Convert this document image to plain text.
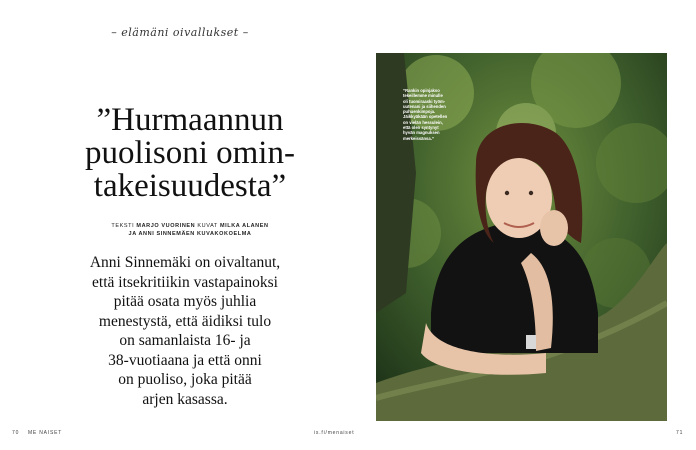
– elämäni oivallukset –
”Hurmaannun
puolisoni omin-
takeisuudesta”
TEKSTI MARJO VUORINEN KUVAT MILKA ALANEN
JA ANNI SINNEMÄEN KUVAKOKOELMA
Anni Sinnemäki on oivaltanut,
että itsekritiikin vastapainoksi
pitää osata myös juhlia
menestystä, että äidiksi tulo
on samanlaista 16- ja
38-vuotiaana ja että onni
on puoliso, joka pitää
arjen kasassa.
”Rankin opinjakso
tekeillemme minulle
oli tuomiraaski työm-
uutenani ja siihenden
puhuenkimpoja.
Jäikkyäkään opetellen
on vielän hessulein,
että olen syntynyt
hyvän magnuksen
merkeissänsa.”
70 ME NAISET	is.fi/menaiset	71
